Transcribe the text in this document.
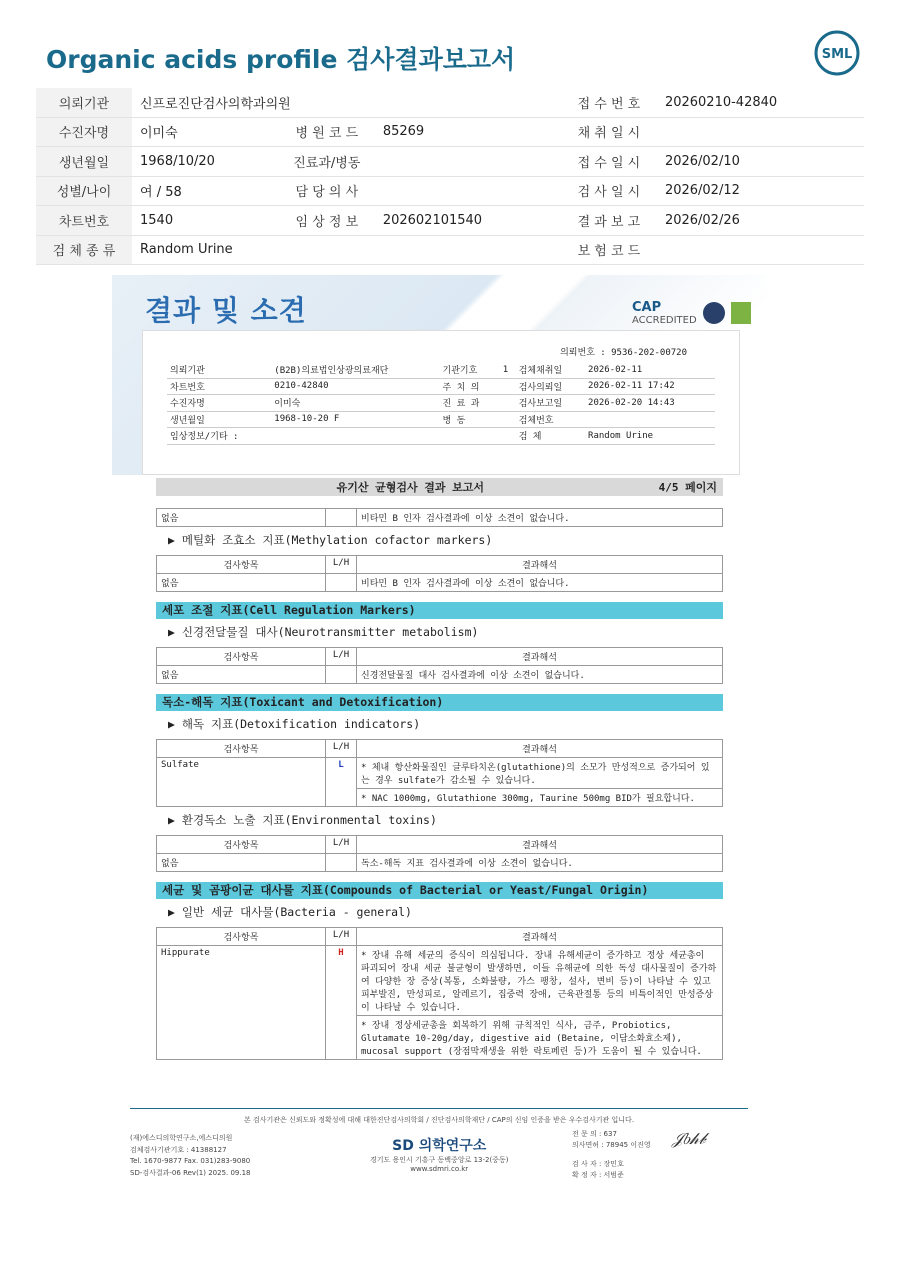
Organic acids profile 검사결과보고서	SML
의뢰기관	신프로진단검사의학과의원			접 수 번 호	20260210-42840
수진자명	이미숙	병 원 코 드	85269	채 취 일 시	
생년월일	1968/10/20	진료과/병동		접 수 일 시	2026/02/10
성별/나이	여 / 58	담 당 의 사		검 사 일 시	2026/02/12
차트번호	1540	임 상 정 보	202602101540	결 과 보 고	2026/02/26
검 체 종 류	Random Urine			보 험 코 드	
결과 및 소견	CAP
ACCREDITED
의뢰번호 : 9536-202-00720
의뢰기관	(B2B)의료법인상광의료재단	기관기호	1	검체채취일	2026-02-11
차트번호	0210-42840	주 치 의		검사의뢰일	2026-02-11 17:42
수진자명	이미숙	진 료 과		검사보고일	2026-02-20 14:43
생년월일	1968-10-20 F	병 동		검체번호	
임상정보/기타 :				검 체	Random Urine
유기산 균형검사 결과 보고서	4/5 페이지
없음		비타민 B 인자 검사결과에 이상 소견이 없습니다.
▶ 메틸화 조효소 지표(Methylation cofactor markers)
검사항목	L/H	결과해석
없음		비타민 B 인자 검사결과에 이상 소견이 없습니다.
세포 조절 지표(Cell Regulation Markers)
▶ 신경전달물질 대사(Neurotransmitter metabolism)
검사항목	L/H	결과해석
없음		신경전달물질 대사 검사결과에 이상 소견이 없습니다.
독소-해독 지표(Toxicant and Detoxification)
▶ 해독 지표(Detoxification indicators)
검사항목	L/H	결과해석
Sulfate	L	* 체내 항산화물질인 글루타치온(glutathione)의 소모가 만성적으로 증가되어 있는 경우 sulfate가 감소될 수 있습니다.
		* NAC 1000mg, Glutathione 300mg, Taurine 500mg BID가 필요합니다.
▶ 환경독소 노출 지표(Environmental toxins)
검사항목	L/H	결과해석
없음		독소-해독 지표 검사결과에 이상 소견이 없습니다.
세균 및 곰팡이균 대사물 지표(Compounds of Bacterial or Yeast/Fungal Origin)
▶ 일반 세균 대사물(Bacteria - general)
검사항목	L/H	결과해석
Hippurate	H	* 장내 유해 세균의 증식이 의심됩니다. 장내 유해세균이 증가하고 정상 세균총이 파괴되어 장내 세균 불균형이 발생하면, 이들 유해균에 의한 독성 대사물질이 증가하여 다양한 장 증상(복통, 소화불량, 가스 팽창, 설사, 변비 등)이 나타날 수 있고 피부발진, 만성피로, 알레르기, 집중력 장애, 근육관절통 등의 비특이적인 만성증상이 나타날 수 있습니다.
		* 장내 정상세균총을 회복하기 위해 규칙적인 식사, 금주, Probiotics, Glutamate 10-20g/day, digestive aid (Betaine, 이담소화효소제), mucosal support (장점막재생을 위한 락토페린 등)가 도움이 될 수 있습니다.
본 검사기관은 신뢰도와 정확성에 대해 대한진단검사의학회 / 진단검사의학재단 / CAP의 신임 인증을 받은 우수검사기관 입니다.
(재)에스디의학연구소,에스디의원
검체검사기관기호 : 41388127
Tel. 1670-9877 Fax. 031)283-9080
SD-검사결과-06 Rev(1) 2025. 09.18
SD 의학연구소
경기도 용인시 기흥구 동백중앙로 13-2(중동)
www.sdmri.co.kr
전 문 의 : 637
의사면허 : 78945 이진영
검 사 자 : 장민호
확 정 자 : 서범준
𝒥𝑏𝒽𝒷
